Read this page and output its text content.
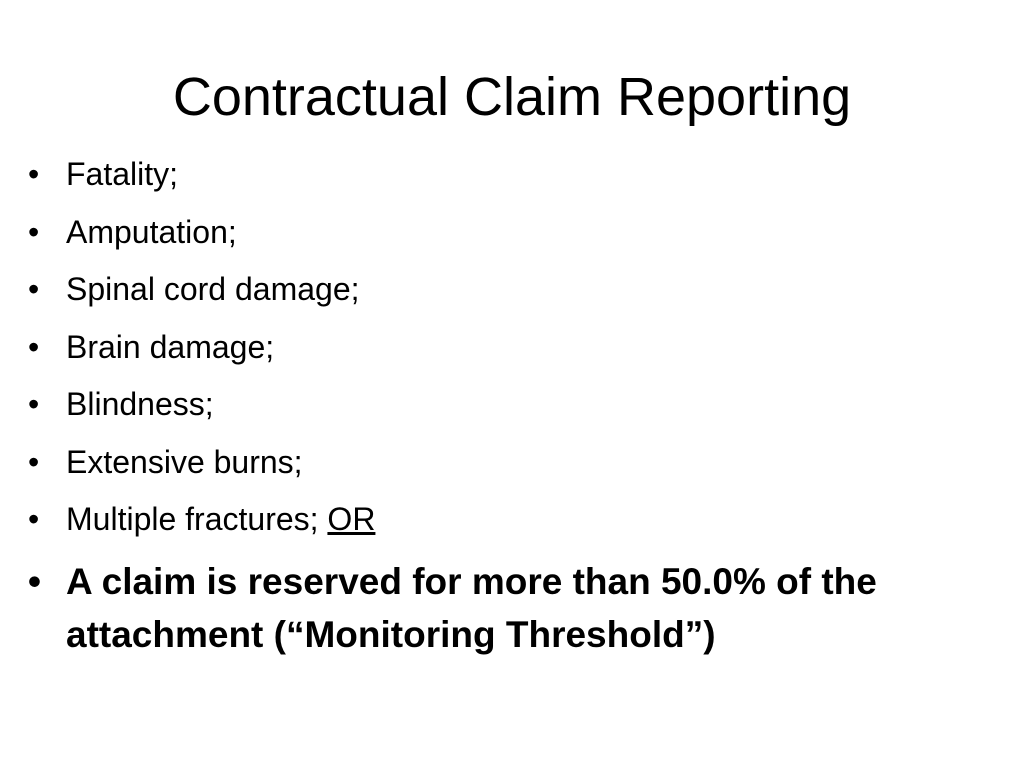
Contractual Claim Reporting
• Fatality;
• Amputation;
• Spinal cord damage;
• Brain damage;
• Blindness;
• Extensive burns;
• Multiple fractures; OR
• A claim is reserved for more than 50.0% of the attachment (“Monitoring Threshold”)
